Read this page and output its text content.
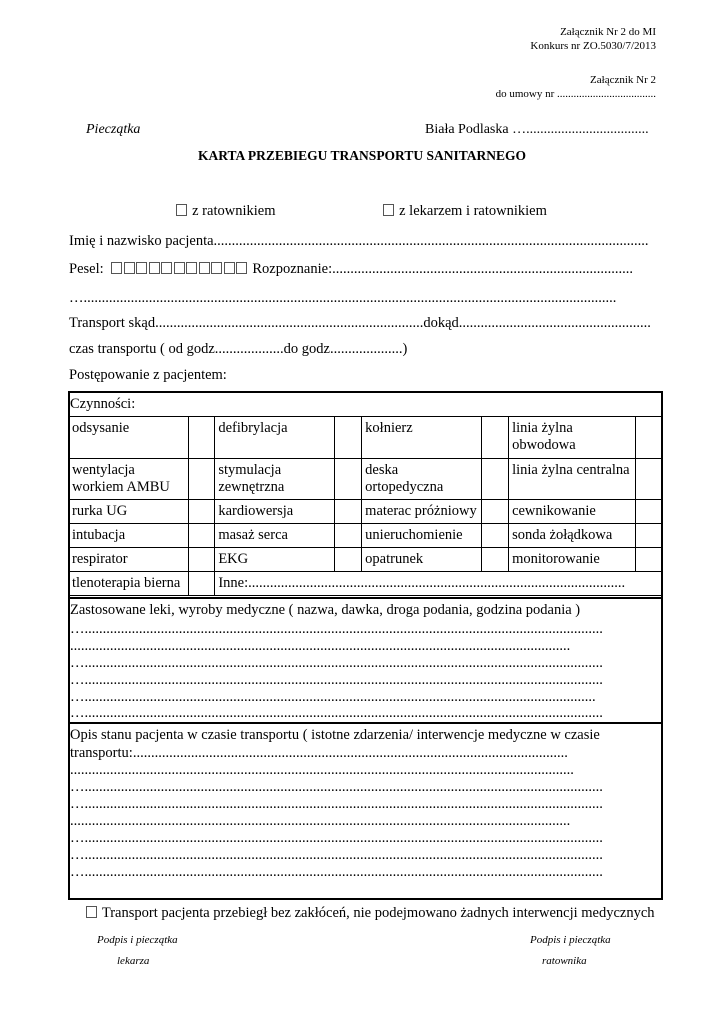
Załącznik Nr 2 do MI
Konkurs nr ZO.5030/7/2013
Załącznik Nr 2
do umowy nr ....................................
Pieczątka	Biała Podlaska …...................................
KARTA PRZEBIEGU TRANSPORTU SANITARNEGO
z ratownikiem	z lekarzem i ratownikiem
Imię i nazwisko pacjenta........................................................................................................................
Pesel:	Rozpoznanie:...................................................................................
…...................................................................................................................................................
Transport skąd..........................................................................dokąd.....................................................
czas transportu ( od godz...................do godz....................)
Postępowanie z pacjentem:
Czynności:
odsysanie		defibrylacja		kołnierz		linia żylna obwodowa	
wentylacja workiem AMBU		stymulacja zewnętrzna		deska ortopedyczna		linia żylna centralna	
rurka UG		kardiowersja		materac próżniowy		cewnikowanie	
intubacja		masaż serca		unieruchomienie		sonda żołądkowa	
respirator		EKG		opatrunek		monitorowanie	
tlenoterapia bierna		Inne:........................................................................................................					
Zastosowane leki, wyroby medyczne ( nazwa, dawka, droga podania, godzina podania )
…...............................................................................................................................................
..........................................................................................................................................
…...............................................................................................................................................
…...............................................................................................................................................
….............................................................................................................................................
…...............................................................................................................................................
Opis stanu pacjenta w czasie transportu ( istotne zdarzenia/ interwencje medyczne w czasie
transportu:........................................................................................................................
...........................................................................................................................................
…...............................................................................................................................................
…...............................................................................................................................................
..........................................................................................................................................
…...............................................................................................................................................
…...............................................................................................................................................
…...............................................................................................................................................
Transport pacjenta przebiegł bez zakłóceń, nie podejmowano żadnych interwencji medycznych
Podpis i pieczątka
lekarza
Podpis i pieczątka
ratownika
